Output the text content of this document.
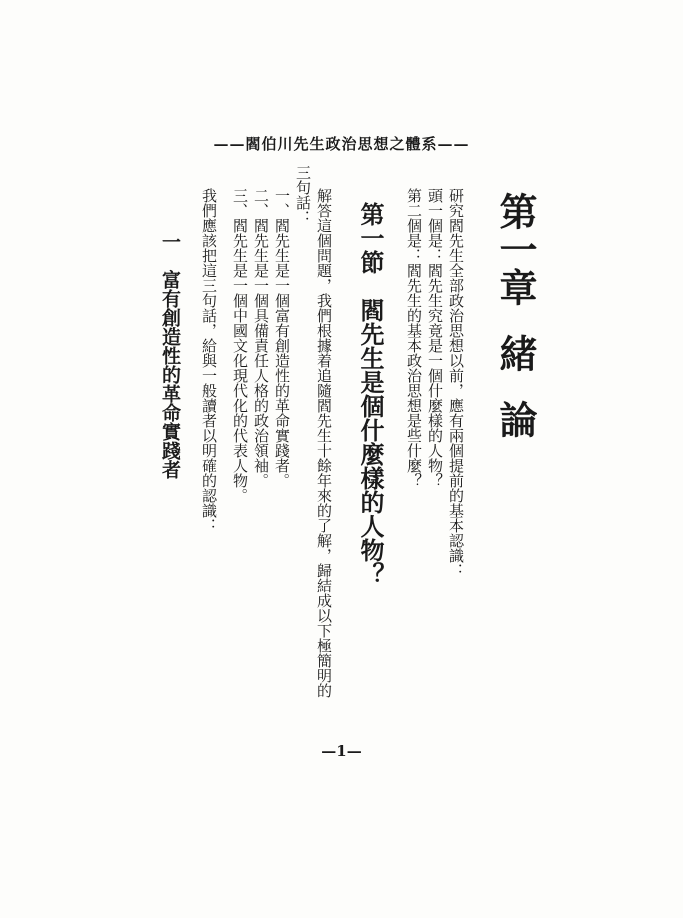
——閻伯川先生政治思想之體系——
第一章緒論
研究閻先生全部政治思想以前，應有兩個提前的基本認識：
頭一個是：閻先生究竟是一個什麼樣的人物？
第二個是：閻先生的基本政治思想是些什麼？
第一節　閻先生是個什麼樣的人物？
解答這個問題，我們根據着追隨閻先生十餘年來的了解，歸結成以下極簡明的
三句話：
一、閻先生是一個富有創造性的革命實踐者。
二、閻先生是一個具備責任人格的政治領袖。
三、閻先生是一個中國文化現代化的代表人物。
我們應該把這三句話，給與一般讀者以明確的認識：
一　富有創造性的革命實踐者
—1—
